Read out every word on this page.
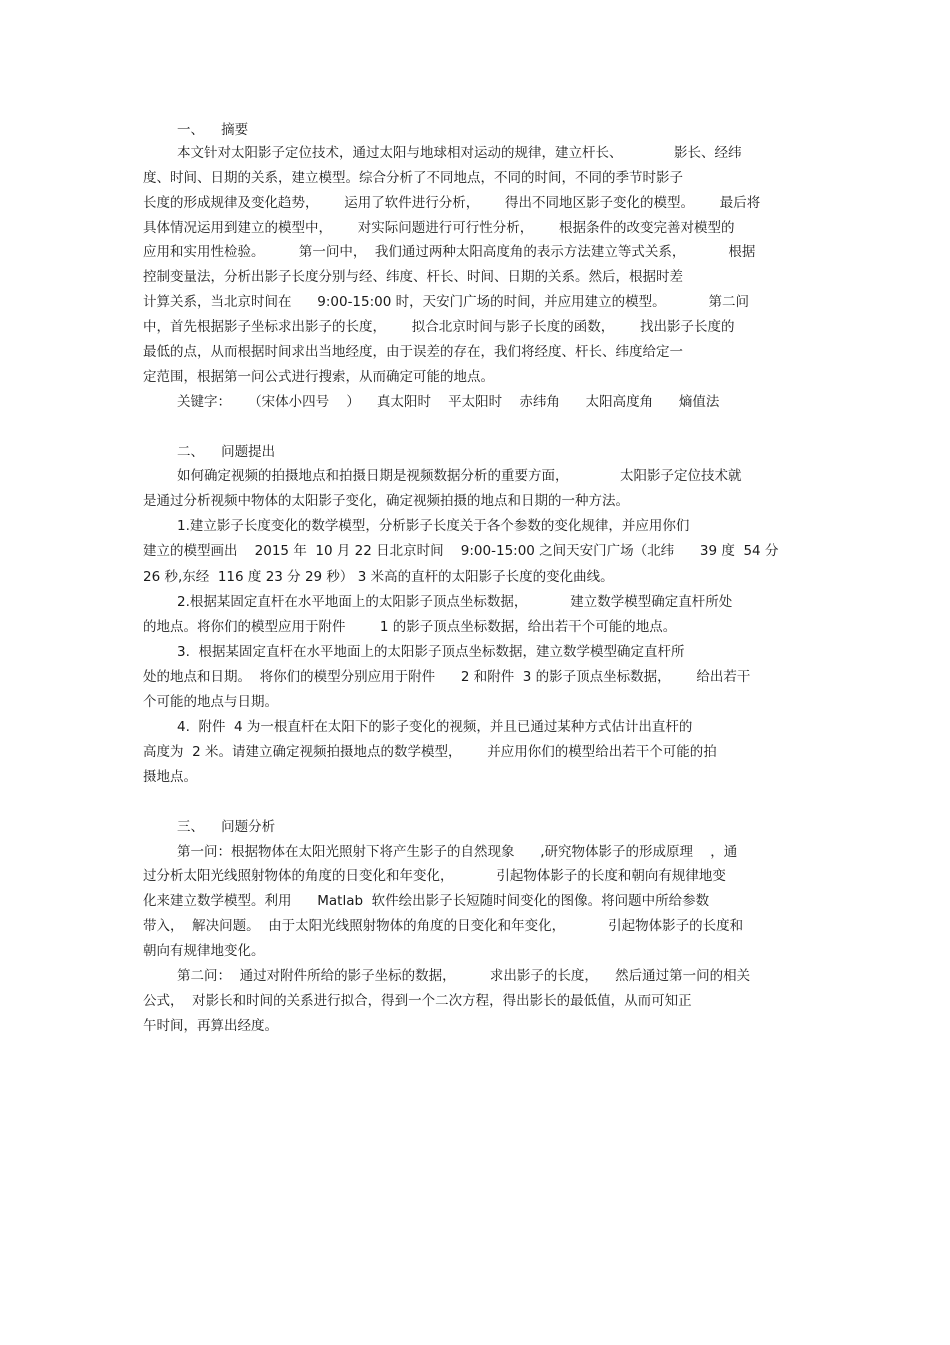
一、    摘要
本文针对太阳影子定位技术，通过太阳与地球相对运动的规律，建立杆长、            影长、经纬
度、时间、日期的关系，建立模型。综合分析了不同地点，不同的时间，不同的季节时影子
长度的形成规律及变化趋势，      运用了软件进行分析，      得出不同地区影子变化的模型。      最后将
具体情况运用到建立的模型中，      对实际问题进行可行性分析，      根据条件的改变完善对模型的
应用和实用性检验。        第一问中，  我们通过两种太阳高度角的表示方法建立等式关系，          根据
控制变量法，分析出影子长度分别与经、纬度、杆长、时间、日期的关系。然后，根据时差
计算关系，当北京时间在      9:00-15:00 时，天安门广场的时间，并应用建立的模型。          第二问
中，首先根据影子坐标求出影子的长度，      拟合北京时间与影子长度的函数，      找出影子长度的
最低的点，从而根据时间求出当地经度，由于误差的存在，我们将经度、杆长、纬度给定一
定范围，根据第一问公式进行搜索，从而确定可能的地点。
关键字：    （宋体小四号    ）    真太阳时    平太阳时    赤纬角      太阳高度角      熵值法
二、    问题提出
如何确定视频的拍摄地点和拍摄日期是视频数据分析的重要方面，            太阳影子定位技术就
是通过分析视频中物体的太阳影子变化，确定视频拍摄的地点和日期的一种方法。
1.建立影子长度变化的数学模型，分析影子长度关于各个参数的变化规律，并应用你们
建立的模型画出    2015 年  10 月 22 日北京时间    9:00-15:00 之间天安门广场（北纬      39 度  54 分
26 秒,东经  116 度 23 分 29 秒） 3 米高的直杆的太阳影子长度的变化曲线。
2.根据某固定直杆在水平地面上的太阳影子顶点坐标数据，          建立数学模型确定直杆所处
的地点。将你们的模型应用于附件        1 的影子顶点坐标数据，给出若干个可能的地点。
3.  根据某固定直杆在水平地面上的太阳影子顶点坐标数据，建立数学模型确定直杆所
处的地点和日期。  将你们的模型分别应用于附件      2 和附件  3 的影子顶点坐标数据，      给出若干
个可能的地点与日期。
4.  附件  4 为一根直杆在太阳下的影子变化的视频，并且已通过某种方式估计出直杆的
高度为  2 米。请建立确定视频拍摄地点的数学模型，      并应用你们的模型给出若干个可能的拍
摄地点。
三、    问题分析
第一问：根据物体在太阳光照射下将产生影子的自然现象      ,研究物体影子的形成原理    ，通
过分析太阳光线照射物体的角度的日变化和年变化，          引起物体影子的长度和朝向有规律地变
化来建立数学模型。利用      Matlab  软件绘出影子长短随时间变化的图像。将问题中所给参数
带入，  解决问题。  由于太阳光线照射物体的角度的日变化和年变化，          引起物体影子的长度和
朝向有规律地变化。
第二问：  通过对附件所给的影子坐标的数据，        求出影子的长度，    然后通过第一问的相关
公式，  对影长和时间的关系进行拟合，得到一个二次方程，得出影长的最低值，从而可知正
午时间，再算出经度。
